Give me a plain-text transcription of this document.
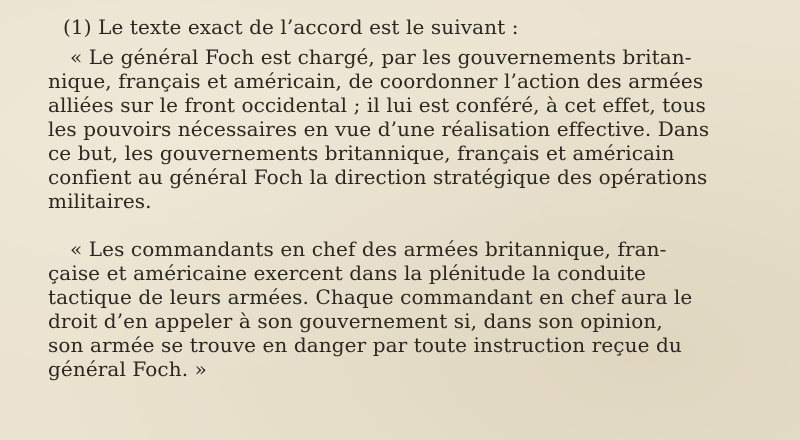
(1) Le texte exact de l’accord est le suivant :
« Le général Foch est chargé, par les gouvernements britan-
nique, français et américain, de coordonner l’action des armées
alliées sur le front occidental ; il lui est conféré, à cet effet, tous
les pouvoirs nécessaires en vue d’une réalisation effective. Dans
ce but, les gouvernements britannique, français et américain
confient au général Foch la direction stratégique des opérations
militaires.
« Les commandants en chef des armées britannique, fran-
çaise et américaine exercent dans la plénitude la conduite
tactique de leurs armées. Chaque commandant en chef aura le
droit d’en appeler à son gouvernement si, dans son opinion,
son armée se trouve en danger par toute instruction reçue du
général Foch. »
